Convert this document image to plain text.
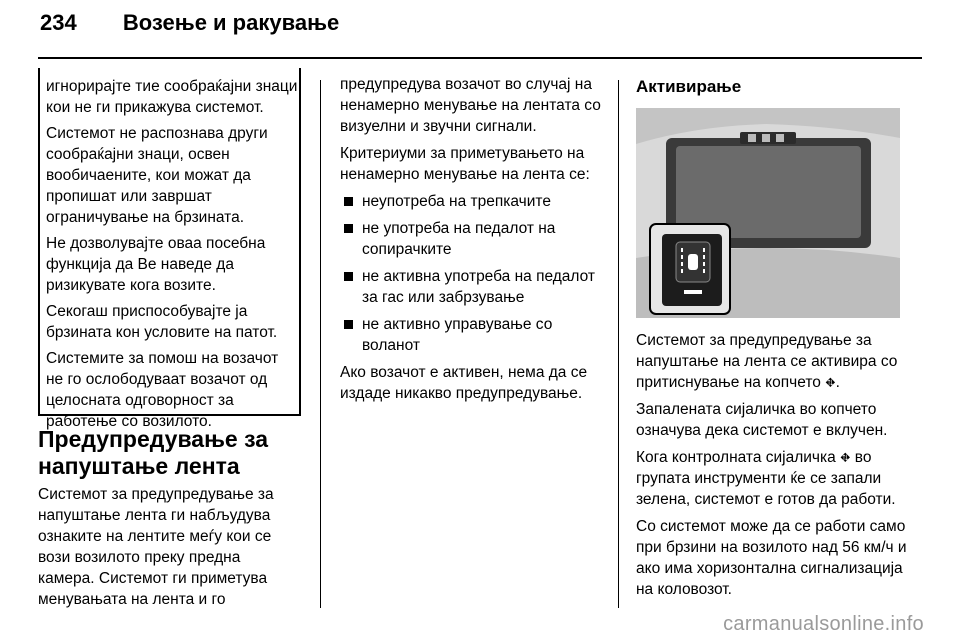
234 Возење и ракување

игнорирајте тие сообраќајни знаци кои не ги прикажува системот.

Системот не распознава други сообраќајни знаци, освен вообичаените, кои можат да пропишат или завршат ограничување на брзината.

Не дозволувајте оваа посебна функција да Ве наведе да ризикувате кога возите.

Секогаш приспособувајте ја брзината кон условите на патот.

Системите за помош на возачот не го ослободуваат возачот од целосната одговорност за работење со возилото.

Предупредување за напуштање лента

Системот за предупредување за напуштање лента ги набљудува ознаките на лентите меѓу кои се вози возилото преку предна камера. Системот ги приметува менувањата на лента и го

предупредува возачот во случај на ненамерно менување на лентата со визуелни и звучни сигнали.

Критериуми за приметувањето на ненамерно менување на лента се:

неупотреба на трепкачите
не употреба на педалот на сопирачките
не активна употреба на педалот за гас или забрзување
не активно управување со воланот

Ако возачот е активен, нема да се издаде никакво предупредување.

Активирање

Системот за предупредување за напуштање на лента се активира со притиснување на копчето ⛖.

Запалената сијаличка во копчето означува дека системот е вклучен.

Кога контролната сијаличка ⛖ во групата инструменти ќе се запали зелена, системот е готов да работи.

Со системот може да се работи само при брзини на возилото над 56 км/ч и ако има хоризонтална сигнализација на коловозот.

carmanualsonline.info
